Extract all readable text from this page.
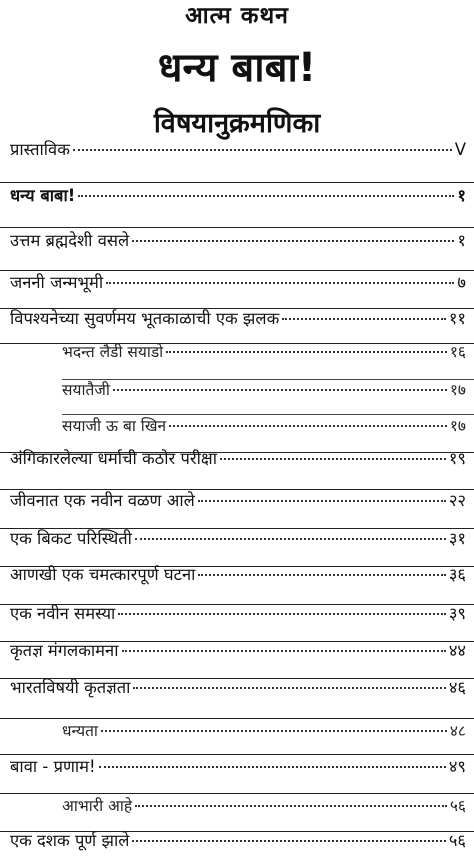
आत्म कथन
धन्य बाबा!
विषयानुक्रमणिका
प्रास्ताविक	V
धन्य बाबा!	१
उत्तम ब्रह्मदेशी वसले	१
जननी जन्मभूमी	७
विपश्यनेच्या सुवर्णमय भूतकाळाची एक झलक	११
भदन्त लैडी सयाडो	१६
सयातैजी	१७
सयाजी ऊ बा खिन	१७
अंगिकारलेल्या धर्माची कठोर परीक्षा	१९
जीवनात एक नवीन वळण आले	२२
एक बिकट परिस्थिती	३१
आणखी एक चमत्कारपूर्ण घटना	३६
एक नवीन समस्या	३९
कृतज्ञ मंगलकामना	४४
भारतविषयी कृतज्ञता	४६
धन्यता	४८
बावा - प्रणाम!	४९
आभारी आहे	५६
एक दशक पूर्ण झाले	५६
